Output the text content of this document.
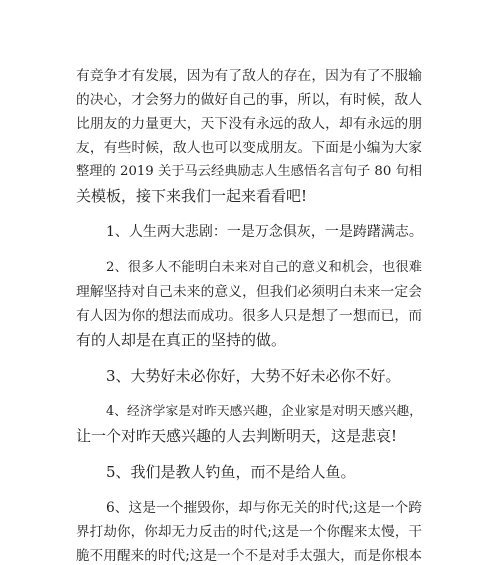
有竞争才有发展，因为有了敌人的存在，因为有了不服输
的决心，才会努力的做好自己的事，所以，有时候，敌人
比朋友的力量更大，天下没有永远的敌人，却有永远的朋
友，有些时候，敌人也可以变成朋友。下面是小编为大家
整理的 2019 关于马云经典励志人生感悟名言句子 80 句相
关模板，接下来我们一起来看看吧!
1、人生两大悲剧：一是万念俱灰，一是踌躇满志。
2、很多人不能明白未来对自己的意义和机会，也很难
理解坚持对自己未来的意义，但我们必须明白未来一定会
有人因为你的想法而成功。很多人只是想了一想而已，而
有的人却是在真正的坚持的做。
3、大势好未必你好，大势不好未必你不好。
4、经济学家是对昨天感兴趣，企业家是对明天感兴趣，
让一个对昨天感兴趣的人去判断明天，这是悲哀!
5、我们是教人钓鱼，而不是给人鱼。
6、这是一个摧毁你，却与你无关的时代;这是一个跨
界打劫你，你却无力反击的时代;这是一个你醒来太慢，干
脆不用醒来的时代;这是一个不是对手太强大，而是你根本
